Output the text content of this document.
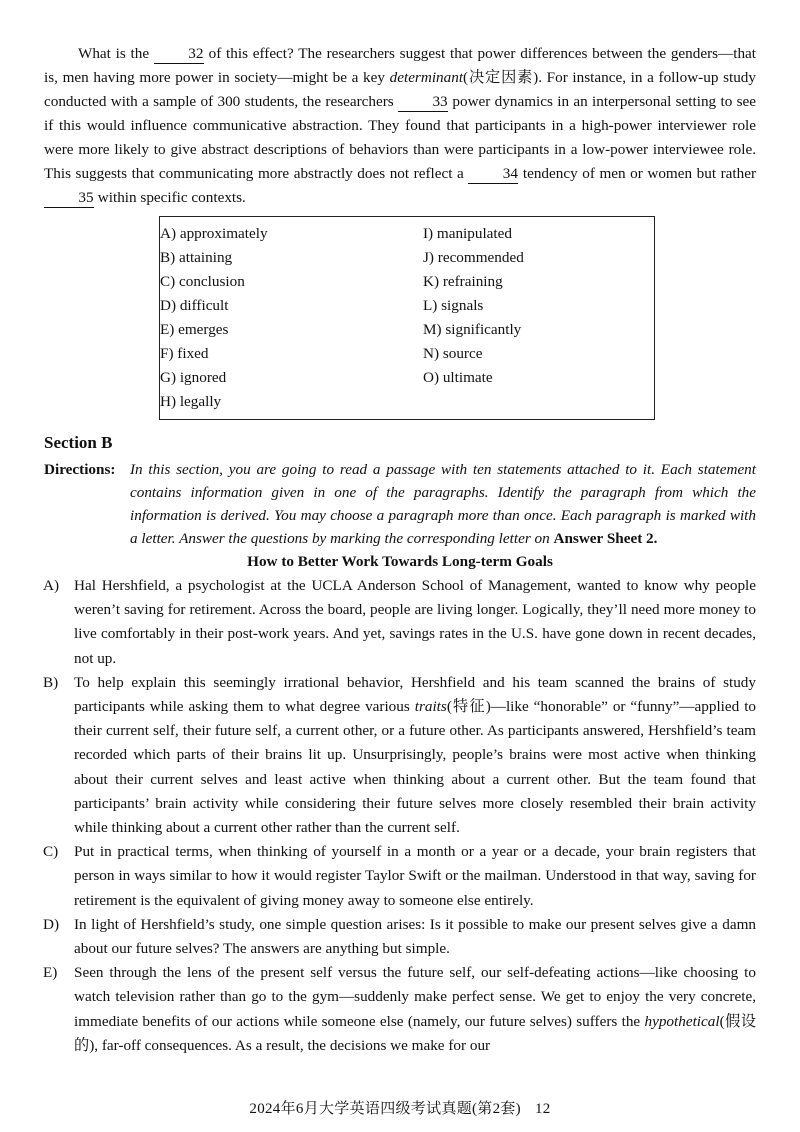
What is the	32 of this effect? The researchers suggest that power differences between the genders—that is, men having more power in society—might be a key determinant(决定因素). For instance, in a follow-up study conducted with a sample of 300 students, the researchers	33 power dynamics in an interpersonal setting to see if this would influence communicative abstraction. They found that participants in a high-power interviewer role were more likely to give abstract descriptions of behaviors than were participants in a low-power interviewee role. This suggests that communicating more abstractly does not reflect a	34 tendency of men or women but rather 35 within specific contexts.

A) approximately
B) attaining
C) conclusion
D) difficult
E) emerges
F) fixed
G) ignored
H) legally
I) manipulated
J) recommended
K) refraining
L) signals
M) significantly
N) source
O) ultimate
Section B
Directions: In this section, you are going to read a passage with ten statements attached to it. Each statement contains information given in one of the paragraphs. Identify the paragraph from which the information is derived. You may choose a paragraph more than once. Each paragraph is marked with a letter. Answer the questions by marking the corresponding letter on Answer Sheet 2.

How to Better Work Towards Long-term Goals

A) Hal Hershfield, a psychologist at the UCLA Anderson School of Management, wanted to know why people weren’t saving for retirement. Across the board, people are living longer. Logically, they’ll need more money to live comfortably in their post-work years. And yet, savings rates in the U.S. have gone down in recent decades, not up.
B)	To help explain this seemingly irrational behavior, Hershfield and his team scanned the brains of study participants while asking them to what degree various traits(特征)—like “honorable” or “funny”—applied to their current self, their future self, a current other, or a future other. As participants answered, Hershfield’s team recorded which parts of their brains lit up. Unsurprisingly, people’s brains were most active when thinking about their current selves and least active when thinking about a current other. But the team found that participants’ brain activity while considering their future selves more closely resembled their brain activity while thinking about a current other rather than the current self.
C)	Put in practical terms, when thinking of yourself in a month or a year or a decade, your brain registers that person in ways similar to how it would register Taylor Swift or the mailman. Understood in that way, saving for retirement is the equivalent of giving money away to someone else entirely.
D) In light of Hershfield’s study, one simple question arises: Is it possible to make our present selves give a damn about our future selves? The answers are anything but simple.
E)	Seen through the lens of the present self versus the future self, our self-defeating actions—like choosing to watch television rather than go to the gym—suddenly make perfect sense. We get to enjoy the very concrete, immediate benefits of our actions while someone else (namely, our future selves) suffers the hypothetical(假设的), far-off consequences. As a result, the decisions we make for our
2024年6月大学英语四级考试真题(第2套) 12
